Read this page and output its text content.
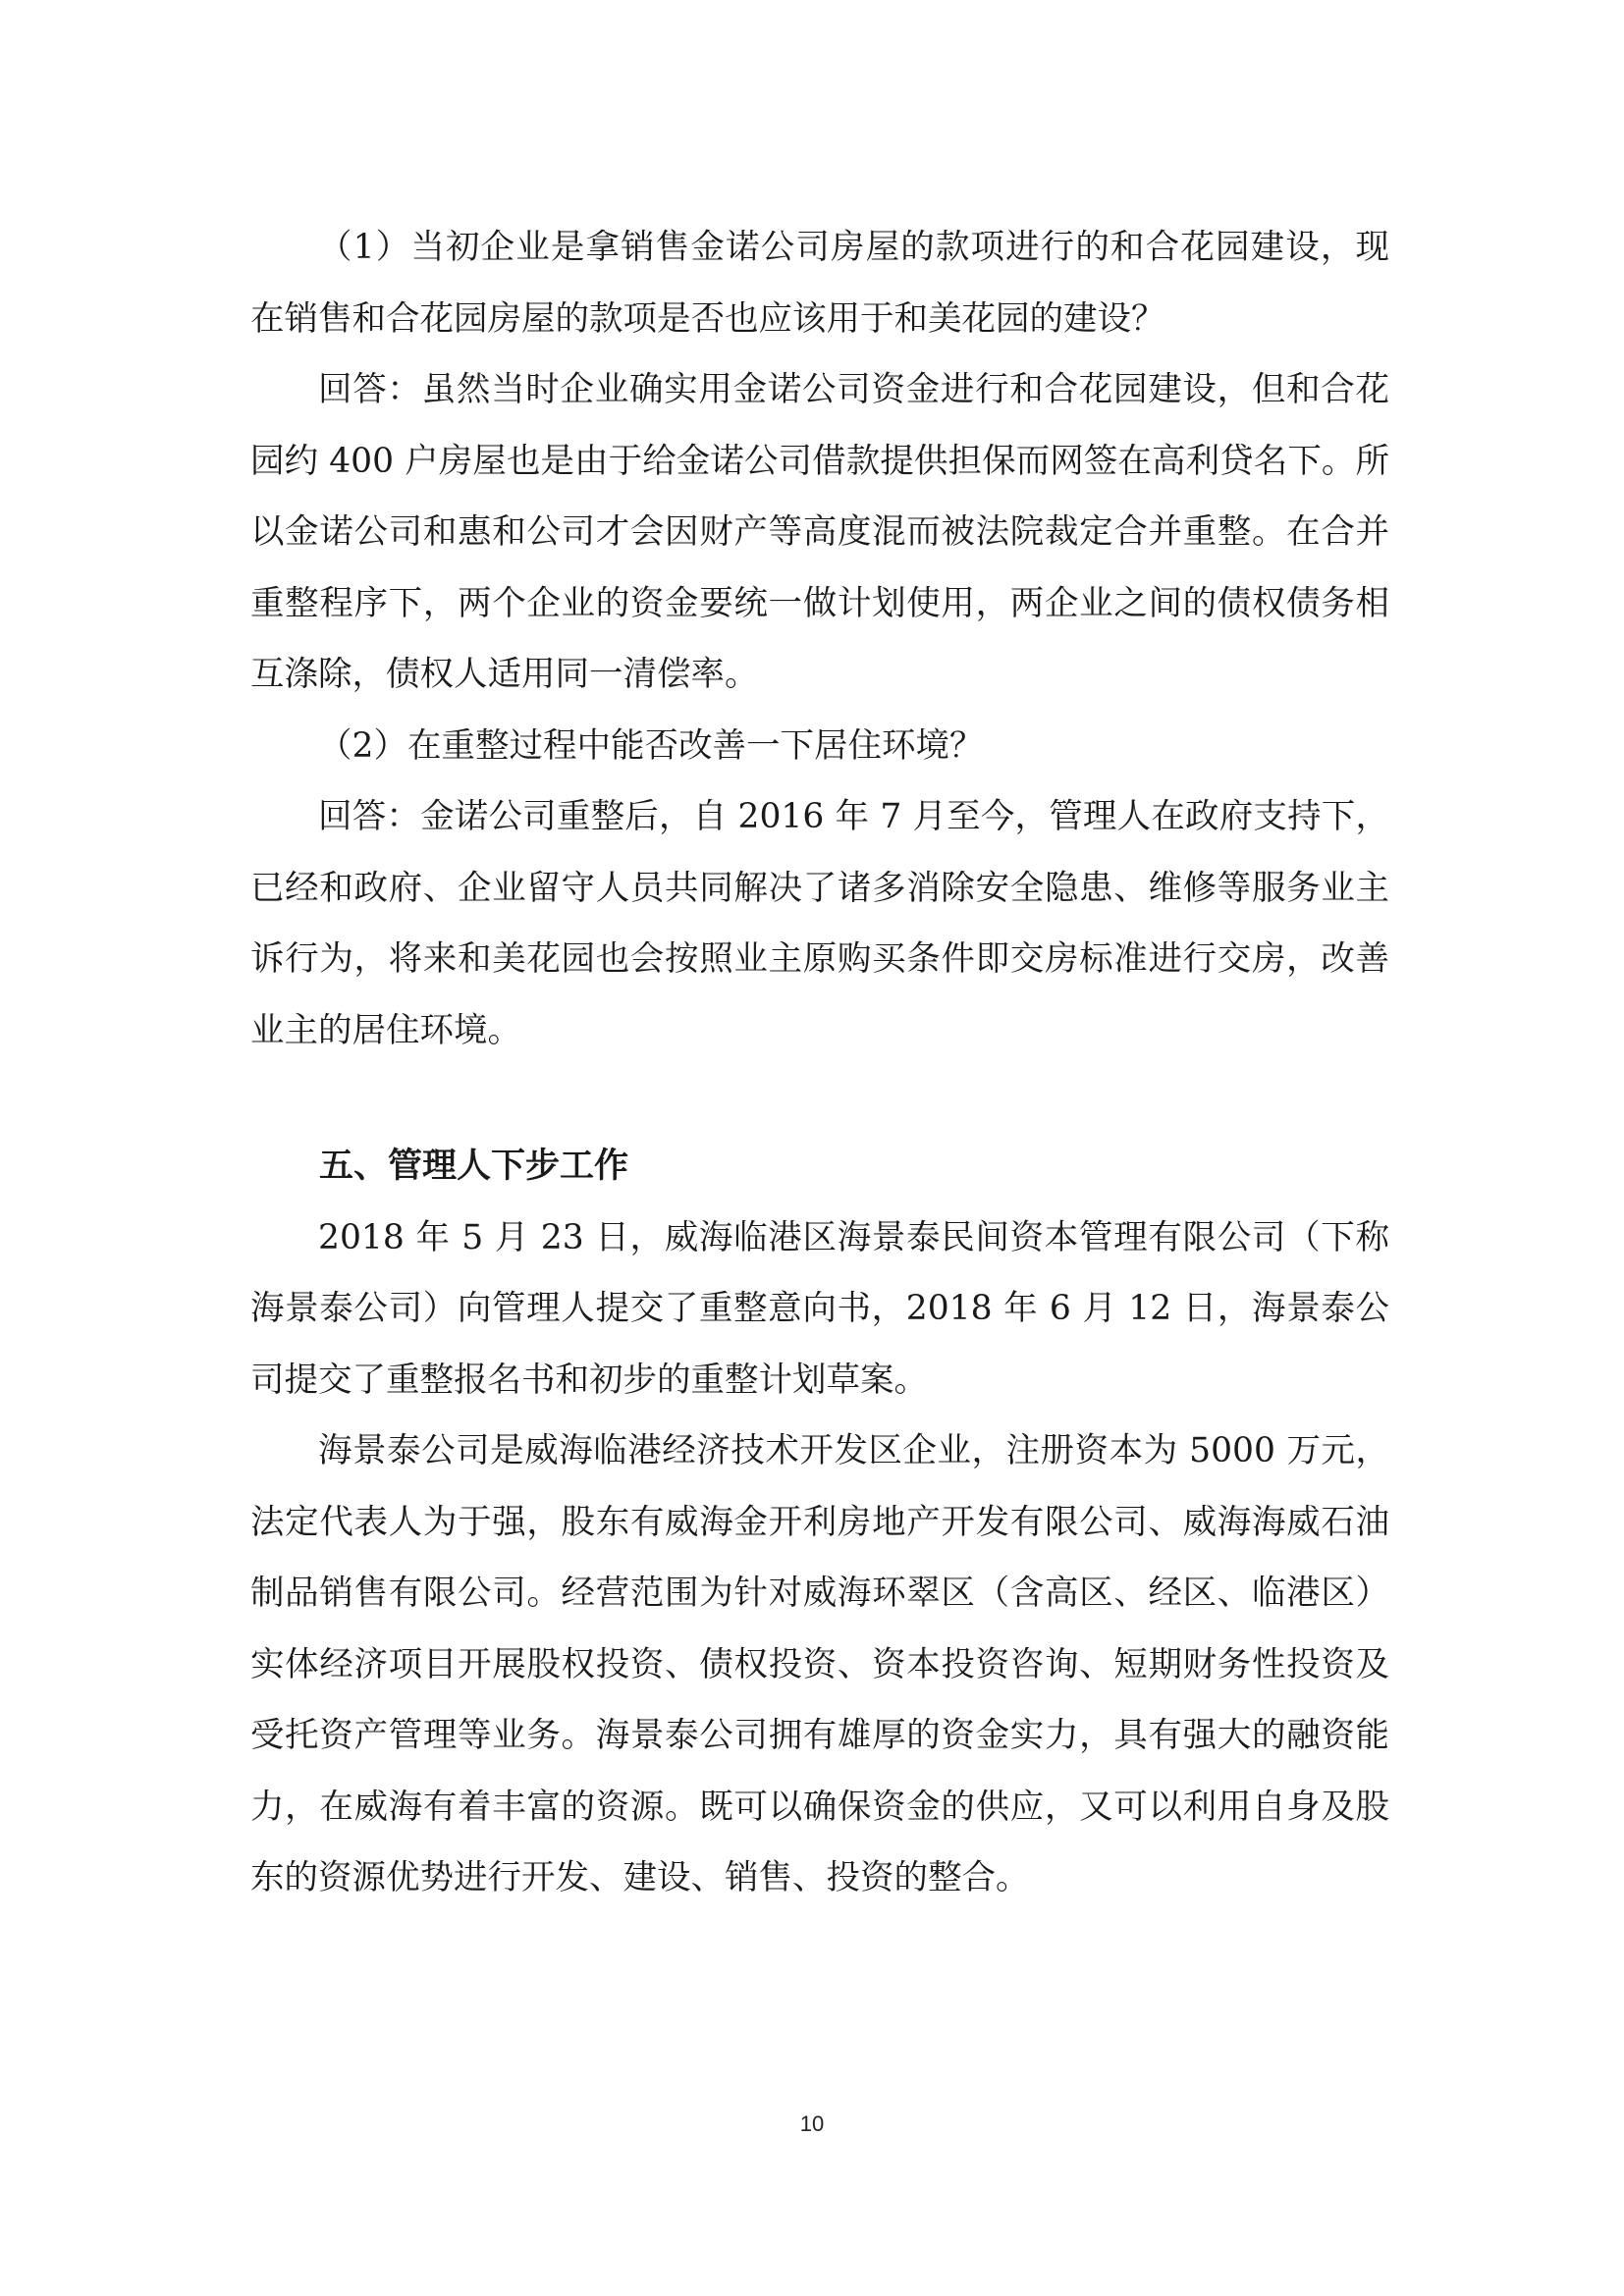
（1）当初企业是拿销售金诺公司房屋的款项进行的和合花园建设，现在销售和合花园房屋的款项是否也应该用于和美花园的建设？

回答：虽然当时企业确实用金诺公司资金进行和合花园建设，但和合花园约 400 户房屋也是由于给金诺公司借款提供担保而网签在高利贷名下。所以金诺公司和惠和公司才会因财产等高度混而被法院裁定合并重整。在合并重整程序下，两个企业的资金要统一做计划使用，两企业之间的债权债务相互涤除，债权人适用同一清偿率。

（2）在重整过程中能否改善一下居住环境？

回答：金诺公司重整后，自 2016 年 7 月至今，管理人在政府支持下，已经和政府、企业留守人员共同解决了诸多消除安全隐患、维修等服务业主诉行为，将来和美花园也会按照业主原购买条件即交房标准进行交房，改善业主的居住环境。

五、管理人下步工作

2018 年 5 月 23 日，威海临港区海景泰民间资本管理有限公司（下称海景泰公司）向管理人提交了重整意向书，2018 年 6 月 12 日，海景泰公司提交了重整报名书和初步的重整计划草案。

海景泰公司是威海临港经济技术开发区企业，注册资本为 5000 万元，法定代表人为于强，股东有威海金开利房地产开发有限公司、威海海威石油制品销售有限公司。经营范围为针对威海环翠区（含高区、经区、临港区）实体经济项目开展股权投资、债权投资、资本投资咨询、短期财务性投资及受托资产管理等业务。海景泰公司拥有雄厚的资金实力，具有强大的融资能力，在威海有着丰富的资源。既可以确保资金的供应，又可以利用自身及股东的资源优势进行开发、建设、销售、投资的整合。

10
